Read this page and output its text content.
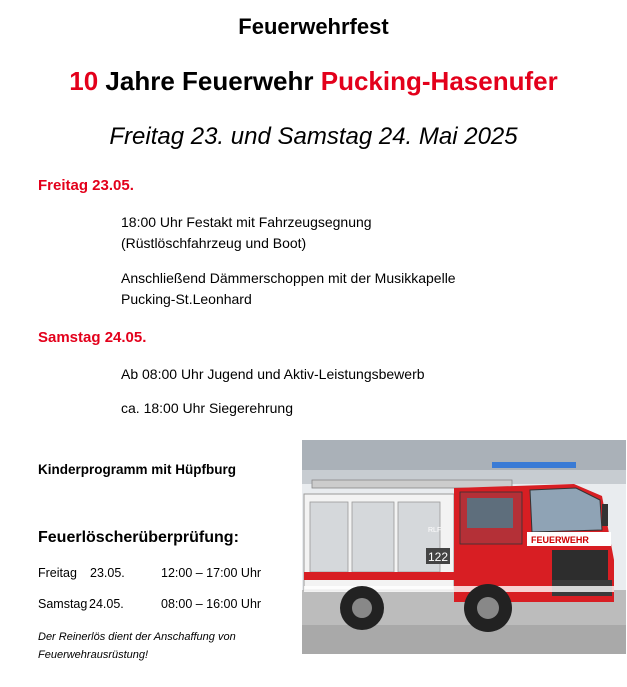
Feuerwehrfest
10 Jahre Feuerwehr Pucking-Hasenufer
Freitag 23. und Samstag 24. Mai 2025
Freitag 23.05.
18:00 Uhr Festakt mit Fahrzeugsegnung
(Rüstlöschfahrzeug und Boot)
Anschließend Dämmerschoppen mit der Musikkapelle
Pucking-St.Leonhard
Samstag 24.05.
Ab 08:00 Uhr Jugend und Aktiv-Leistungsbewerb
ca. 18:00 Uhr Siegerehrung
Kinderprogramm mit Hüpfburg
Feuerlöscherüberprüfung:
Freitag 23.05.	12:00 – 17:00 Uhr
Samstag 24.05.	08:00 – 16:00 Uhr
Der Reinerlös dient der Anschaffung von
Feuerwehrausrüstung!
FEUERWEHR
RLF
122
